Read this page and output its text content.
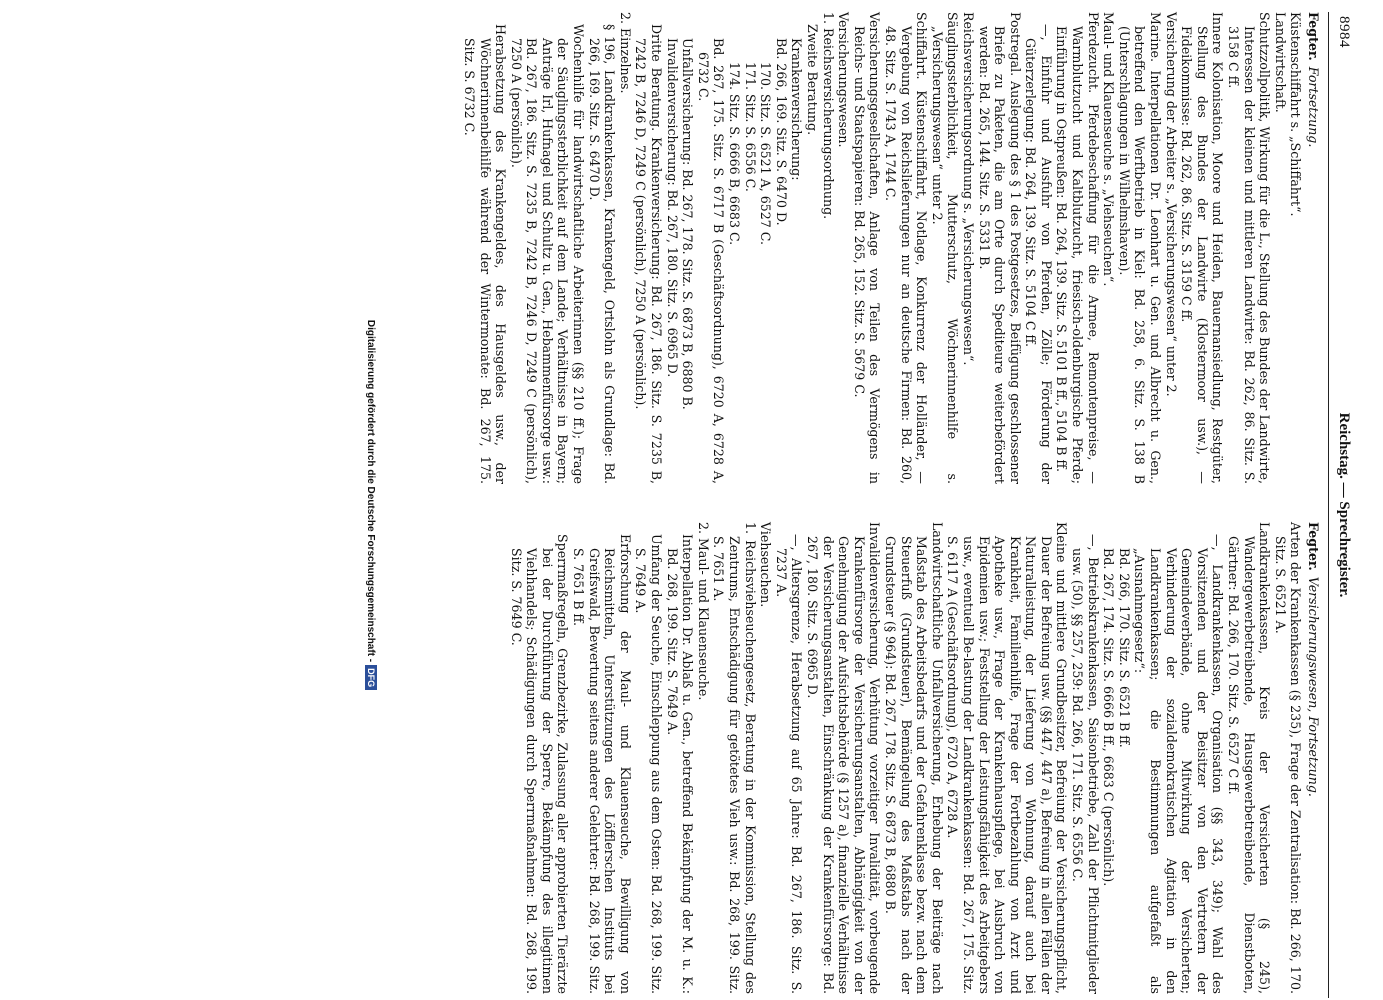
8984
Reichstag. — Sprechregister.
Fegter.Fortsetzung.

Küstenschiffahrt s. „Schiffahrt“.

Landwirtschaft.

Schutzzollpolitik, Wirkung für die L., Stellung des Bundes der Landwirte, Interessen der kleinen und mittleren Landwirte: Bd. 262, 86. Sitz. S. 3158 C ff.

Innere Kolonisation, Moore und Heiden, Bauernansiedlung, Restgüter, Stellung des Bundes der Landwirte (Klostermoor usw.), — Fideikommisse: Bd. 262, 86. Sitz. S. 3159 C ff.

Versicherung der Arbeiter s. „Versicherungswesen“ unter 2.

Marine. Interpellationen Dr. Leonhart u. Gen. und Albrecht u. Gen., betreffend den Werftbetrieb in Kiel: Bd. 258, 6. Sitz. S. 138 B (Unterschlagungen in Wilhelmshaven).

Maul- und Klauenseuche s. „Viehseuchen“.

Pferdezucht. Pferdebeschaffung für die Armee, Remontenpreise, — Warmblutzucht und Kaltblutzucht, friesisch-oldenburgische Pferde; Einführung in Ostpreußen: Bd. 264, 139. Sitz. S. 5101 B ff., 5104 B ff.

—, Einfuhr und Ausfuhr von Pferden, Zölle; Förderung der Güterzerlegung: Bd. 264, 139. Sitz. S. 5104 C ff.

Postregal. Auslegung des § 1 des Postgesetzes, Beifügung geschlossener Briefe zu Paketen, die am Orte durch Spediteure weiterbefördert werden: Bd. 265, 144. Sitz. S. 5331 B.

Reichsversicherungsordnung s. „Versicherungswesen“.

Säuglingssterblichkeit, Mutterschutz, Wöchnerinnenhilfe s. „Versicherungswesen“ unter 2.

Schiffahrt. Küstenschiffahrt, Notlage, Konkurrenz der Holländer, — Vergebung von Reichslieferungen nur an deutsche Firmen: Bd. 260, 48. Sitz. S. 1743 A, 1744 C.

Versicherungsgesellschaften, Anlage von Teilen des Vermögens in Reichs- und Staatspapieren: Bd. 265, 152. Sitz. S. 5679 C.

Versicherungswesen.

1. Reichsversicherungsordnung.

Zweite Beratung.

Krankenversicherung:

Bd. 266, 169. Sitz. S. 6470 D.

170. Sitz. S. 6521 A, 6527 C.

171. Sitz. S. 6556 C.

174. Sitz. S. 6666 B, 6683 C.

Bd. 267, 175. Sitz. S. 6717 B (Geschäftsordnung), 6720 A, 6728 A, 6732 C.

Unfallversicherung: Bd. 267, 178. Sitz. S. 6873 B, 6880 B.

Invalidenversicherung: Bd. 267, 180. Sitz. S. 6965 D.

Dritte Beratung. Krankenversicherung: Bd. 267, 186. Sitz. S. 7235 B, 7242 B, 7246 D, 7249 C (persönlich), 7250 A (persönlich).

2. Einzelnes.

§ 196, Landkrankenkassen, Krankengeld, Ortslohn als Grundlage: Bd. 266, 169. Sitz. S. 6470 D.

Wochenhilfe für landwirtschaftliche Arbeiterinnen (§§ 210 ff.); Frage der Säuglingssterblichkeit auf dem Lande; Verhältnisse in Bayern; Anträge Irl, Hufnagel und Schultz u. Gen., Hebammenfürsorge usw.: Bd. 267, 186. Sitz. S. 7235 B, 7242 B, 7246 D, 7249 C (persönlich), 7250 A (persönlich).

Herabsetzung des Krankengeldes, des Hausgeldes usw., der Wöchnerinnenbeihilfe während der Wintermonate: Bd. 267, 175. Sitz. S. 6732 C.

Fegter.Versicherungswesen, Fortsetzung.

Arten der Krankenkassen (§ 235), Frage der Zentralisation: Bd. 266, 170. Sitz. S. 6521 A.

Landkrankenkassen, Kreis der Versicherten (§ 245), Wandergewerbetreibende, Hausgewerbetreibende, Dienstboten, Gärtner: Bd. 266, 170. Sitz. S. 6527 C ff.

—, Landkrankenkassen, Organisation (§§ 343, 349); Wahl des Vorsitzenden und der Beisitzer von den Vertretern der Gemeindeverbände, ohne Mitwirkung der Versicherten; Verhinderung der sozialdemokratischen Agitation in den Landkrankenkassen; die Bestimmungen aufgefaßt als „Ausnahmegesetz“:

Bd. 266, 170. Sitz. S. 6521 B ff.

Bd. 267, 174. Sitz. S. 6666 B ff., 6683 C (persönlich).

—, Betriebskrankenkassen, Saisonbetriebe, Zahl der Pflichtmitglieder usw. (50), §§ 257, 259: Bd. 266, 171. Sitz. S. 6556 C.

Kleine und mittlere Grundbesitzer, Befreiung der Versicherungspflicht, Dauer der Befreiung usw. (§§ 447, 447 a), Befreiung in allen Fällen der Naturalleistung, der Lieferung von Wohnung, darauf auch bei Krankheit, Familienhilfe, Frage der Fortbezahlung von Arzt und Apotheke usw., Frage der Krankenhauspflege, bei Ausbruch von Epidemien usw.; Feststellung der Leistungsfähigkeit des Arbeitgebers usw., eventuell Be-lastung der Landkrankenkassen: Bd. 267, 175. Sitz. S. 6117 A (Geschäftsordnung), 6720 A, 6728 A.

Landwirtschaftliche Unfallversicherung, Erhebung der Beiträge nach Maßstab des Arbeitsbedarfs und der Gefahrenklasse bezw. nach dem Steuerfuß (Grundsteuer), Bemängelung des Maßstabs nach der Grundsteuer (§ 964): Bd. 267, 178. Sitz. S. 6873 B, 6880 B.

Invalidenversicherung, Verhütung vorzeitiger Invalidität, vorbeugende Krankenfürsorge der Versicherungsanstalten, Abhängigkeit von der Genehmigung der Aufsichtsbehörde (§ 1257 a), finanzielle Verhältnisse der Versicherungsanstalten, Einschränkung der Krankenfürsorge: Bd. 267, 180. Sitz. S. 6965 D.

—, Altersgrenze, Herabsetzung auf 65 Jahre: Bd. 267, 186. Sitz. S. 7237 A.

Viehseuchen.

1. Reichsviehseuchengesetz, Beratung in der Kommission, Stellung des Zentrums, Entschädigung für getötetes Vieh usw.: Bd. 268, 199. Sitz. S. 7651 A.

2. Maul- und Klauenseuche.

Interpellation Dr. Ablaß u. Gen., betreffend Bekämpfung der M. u. K.: Bd. 268, 199. Sitz. S. 7649 A.

Umfang der Seuche, Einschleppung aus dem Osten: Bd. 268, 199. Sitz. S. 7649 A.

Erforschung der Maul- und Klauenseuche, Bewilligung von Reichsmitteln, Unterstützungen des Löfflerschen Instituts bei Greifswald, Bewertung seitens anderer Gelehrter: Bd. 268, 199. Sitz. S. 7651 B ff.

Sperrmaßregeln, Grenzbezirke, Zulassung aller approbierten Tierärzte bei der Durchführung der Sperre, Bekämpfung des illegitimen Viehhandels; Schädigungen durch Sperrmaßnahmen: Bd. 268, 199. Sitz. S. 7649 C.

Digitalisierung gefördert durch die Deutsche Forschungsgemeinschaft -DFG
